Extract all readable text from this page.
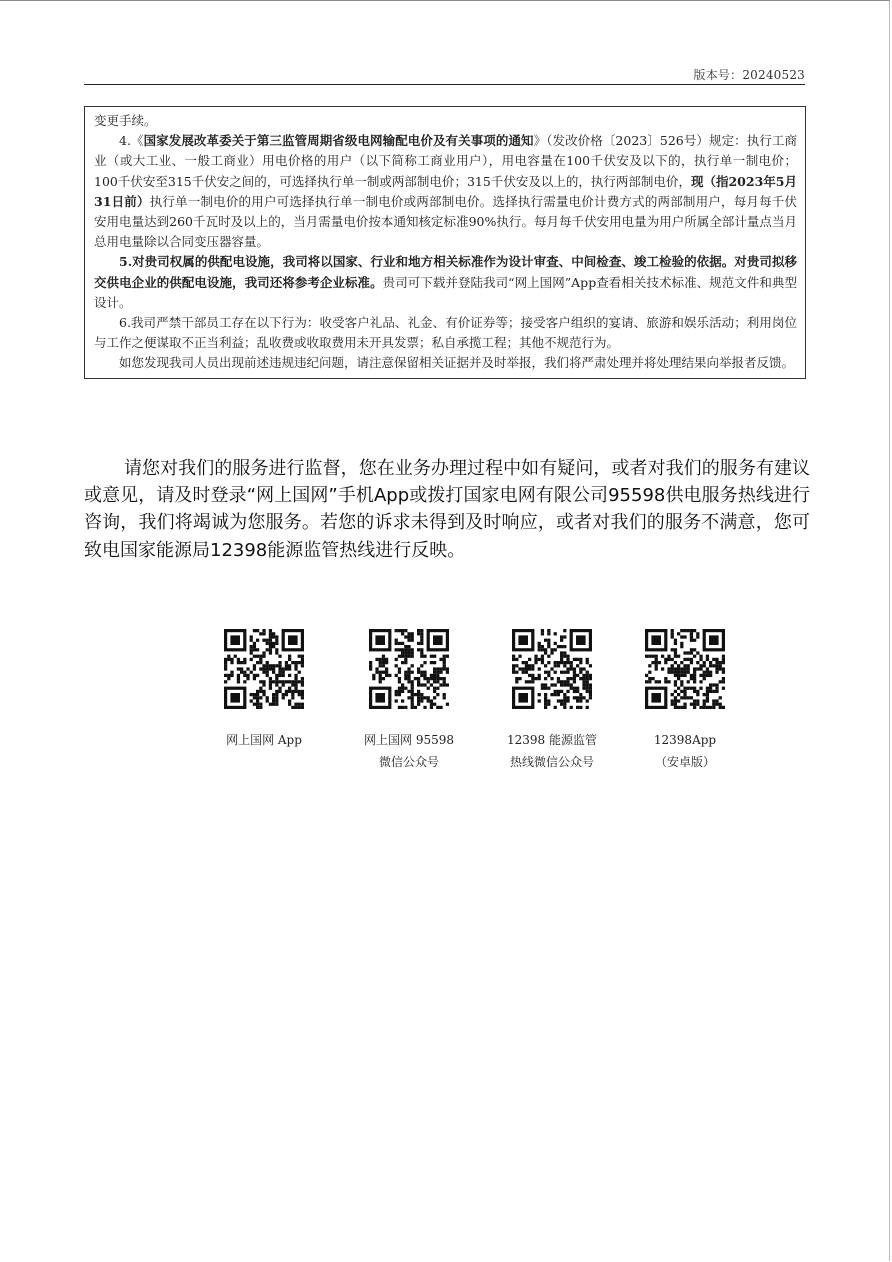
版本号：20240523

变更手续。

4.《国家发展改革委关于第三监管周期省级电网输配电价及有关事项的通知》（发改价格〔2023〕526号）规定：执行工商业（或大工业、一般工商业）用电价格的用户（以下简称工商业用户），用电容量在100千伏安及以下的，执行单一制电价；100千伏安至315千伏安之间的，可选择执行单一制或两部制电价；315千伏安及以上的，执行两部制电价，现（指2023年5月31日前）执行单一制电价的用户可选择执行单一制电价或两部制电价。选择执行需量电价计费方式的两部制用户，每月每千伏安用电量达到260千瓦时及以上的，当月需量电价按本通知核定标准90%执行。每月每千伏安用电量为用户所属全部计量点当月总用电量除以合同变压器容量。

5.对贵司权属的供配电设施，我司将以国家、行业和地方相关标准作为设计审查、中间检查、竣工检验的依据。对贵司拟移交供电企业的供配电设施，我司还将参考企业标准。贵司可下载并登陆我司“网上国网”App查看相关技术标准、规范文件和典型设计。

6.我司严禁干部员工存在以下行为：收受客户礼品、礼金、有价证券等；接受客户组织的宴请、旅游和娱乐活动；利用岗位与工作之便谋取不正当利益；乱收费或收取费用未开具发票；私自承揽工程；其他不规范行为。

如您发现我司人员出现前述违规违纪问题，请注意保留相关证据并及时举报，我们将严肃处理并将处理结果向举报者反馈。

请您对我们的服务进行监督，您在业务办理过程中如有疑问，或者对我们的服务有建议或意见，请及时登录“网上国网”手机App或拨打国家电网有限公司95598供电服务热线进行咨询，我们将竭诚为您服务。若您的诉求未得到及时响应，或者对我们的服务不满意，您可致电国家能源局12398能源监管热线进行反映。

网上国网 App	网上国网 95598
微信公众号
12398 能源监管
热线微信公众号
12398App
（安卓版）
